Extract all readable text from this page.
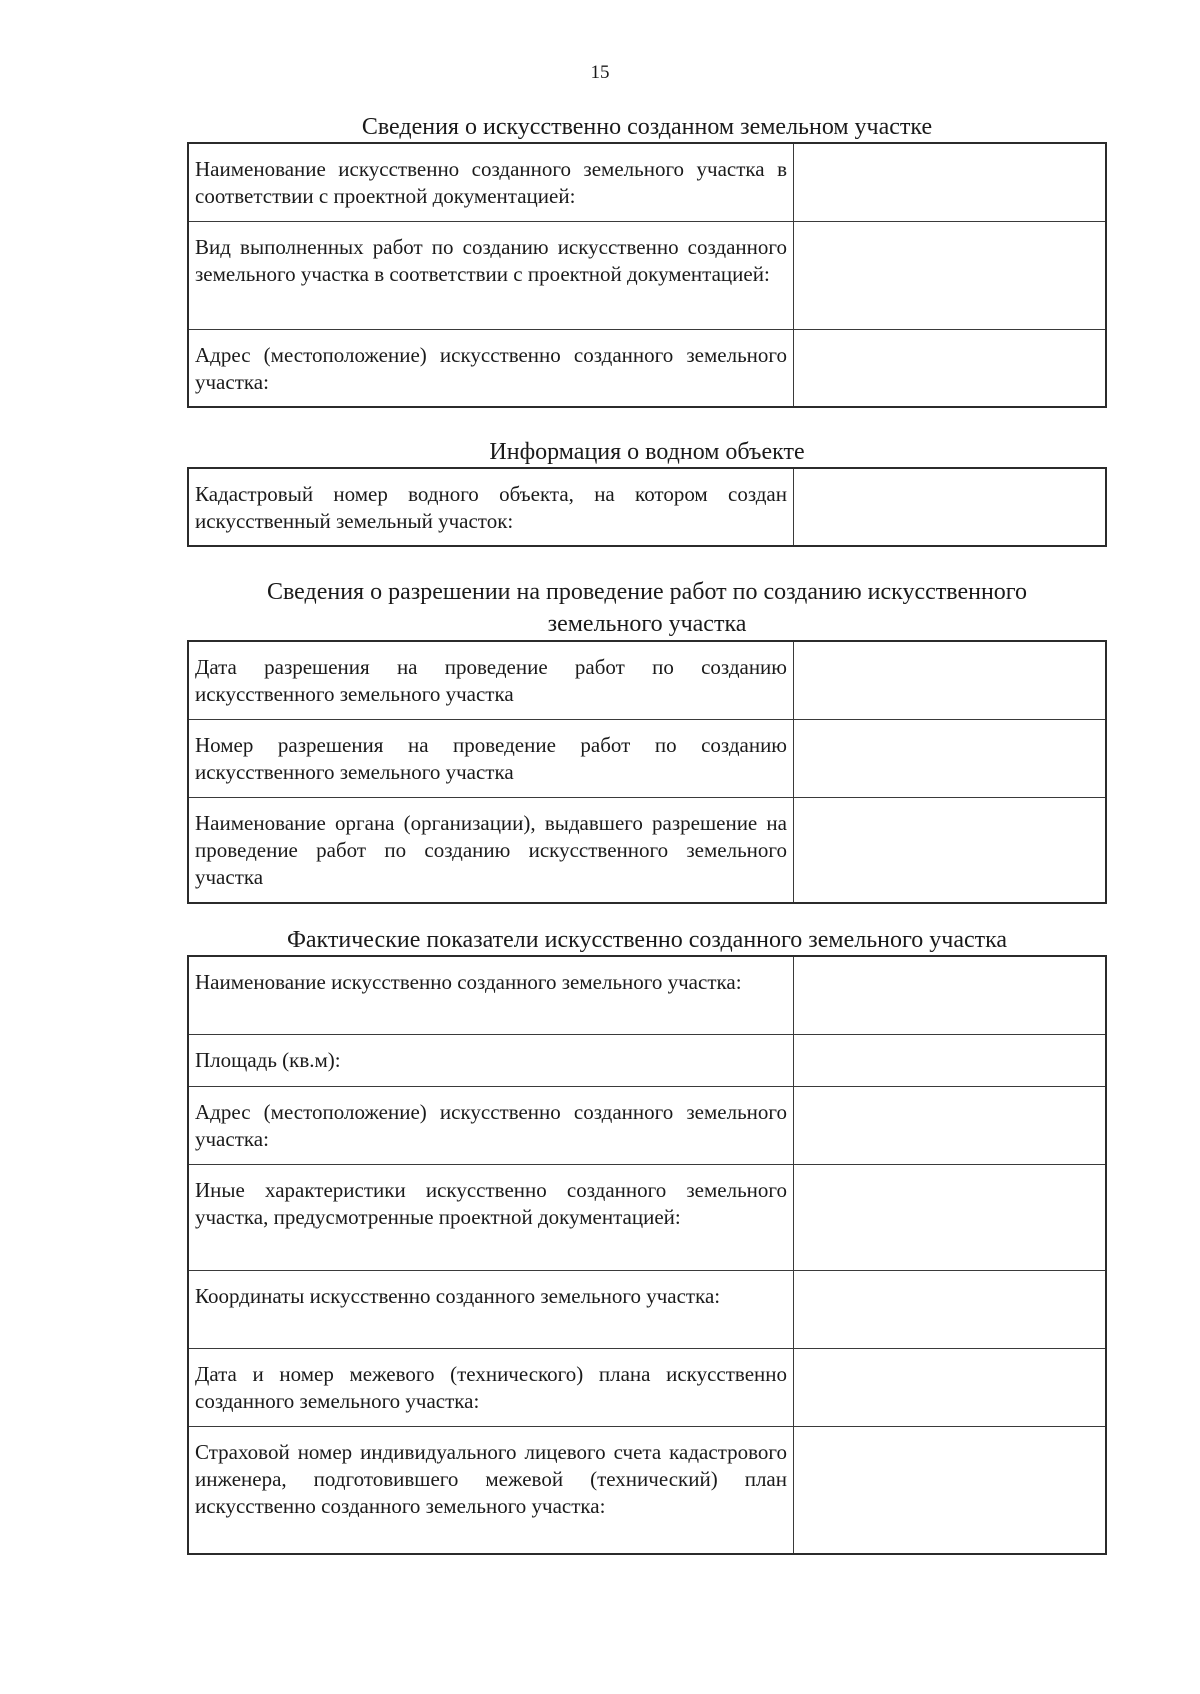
15
Сведения о искусственно созданном земельном участке
Наименование искусственно созданного земельного участка в соответствии с проектной документацией:	
Вид выполненных работ по созданию искусственно созданного земельного участка в соответствии с проектной документацией:	
Адрес (местоположение) искусственно созданного земельного участка:	
Информация о водном объекте
Кадастровый номер водного объекта, на котором создан искусственный земельный участок:	
Сведения о разрешении на проведение работ по созданию искусственного
земельного участка
Дата разрешения на проведение работ по созданию искусственного земельного участка	
Номер разрешения на проведение работ по созданию искусственного земельного участка	
Наименование органа (организации), выдавшего разрешение на проведение работ по созданию искусственного земельного участка	
Фактические показатели искусственно созданного земельного участка
Наименование искусственно созданного земельного участка:	
Площадь (кв.м):	
Адрес (местоположение) искусственно созданного земельного участка:	
Иные характеристики искусственно созданного земельного участка, предусмотренные проектной документацией:	
Координаты искусственно созданного земельного участка:	
Дата и номер межевого (технического) плана искусственно созданного земельного участка:	
Страховой номер индивидуального лицевого счета кадастрового инженера, подготовившего межевой (технический) план искусственно созданного земельного участка:	
